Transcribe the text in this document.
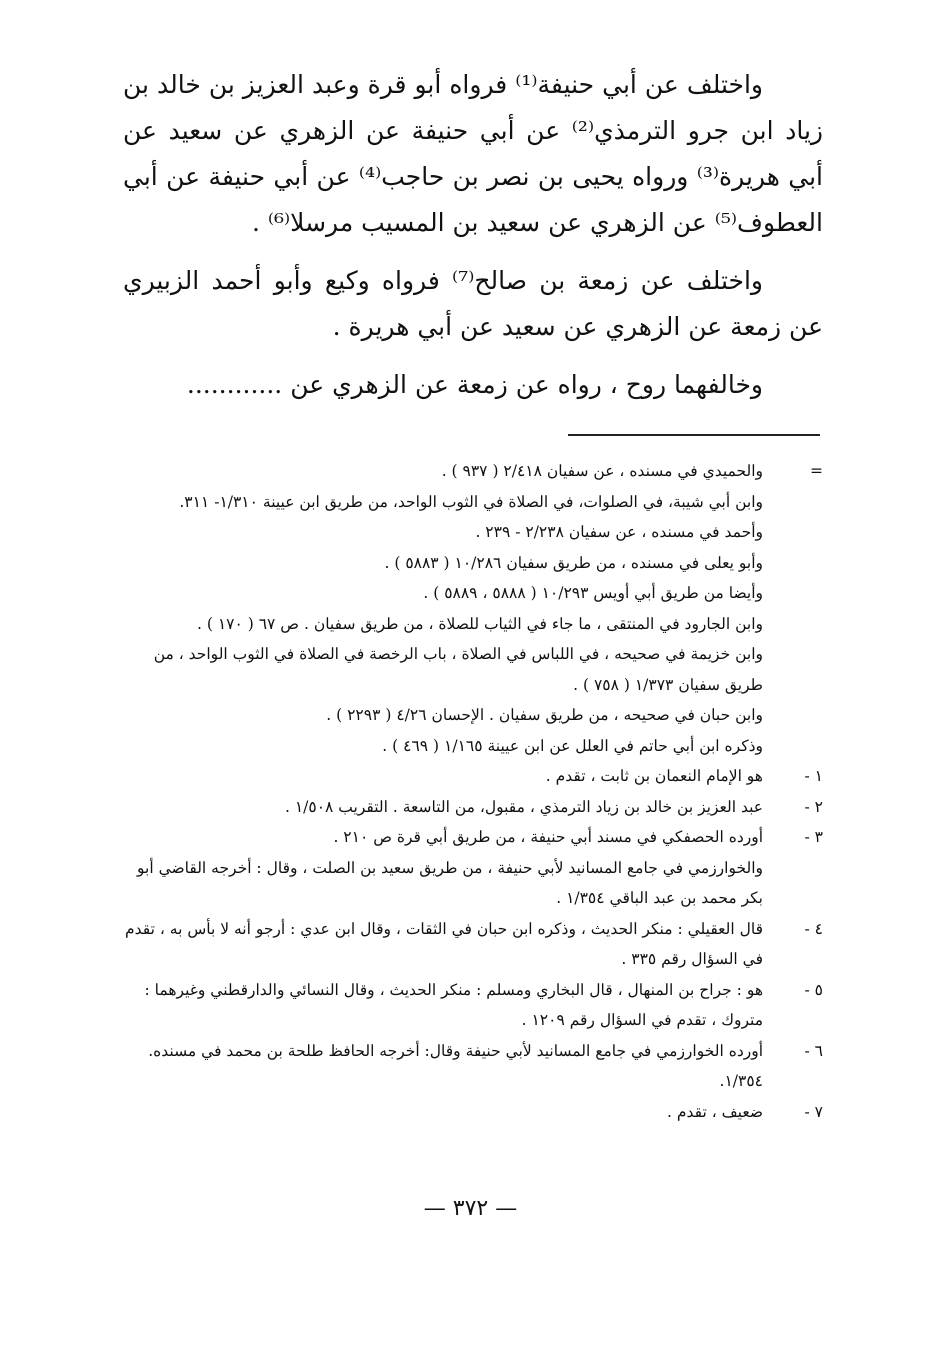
واختلف عن أبي حنيفة⁽¹⁾ فرواه أبو قرة وعبد العزيز بن خالد بن زياد ابن جرو الترمذي⁽²⁾ عن أبي حنيفة عن الزهري عن سعيد عن أبي هريرة⁽³⁾ ورواه يحيى بن نصر بن حاجب⁽⁴⁾ عن أبي حنيفة عن أبي العطوف⁽⁵⁾ عن الزهري عن سعيد بن المسيب مرسلا⁽⁶⁾ .

واختلف عن زمعة بن صالح⁽⁷⁾ فرواه وكيع وأبو أحمد الزبيري عن زمعة عن الزهري عن سعيد عن أبي هريرة .

وخالفهما روح ، رواه عن زمعة عن الزهري عن ............

=
والحميدي في مسنده ، عن سفيان ٢/٤١٨ ( ٩٣٧ ) .
وابن أبي شيبة، في الصلوات، في الصلاة في الثوب الواحد، من طريق ابن عيينة ١/٣١٠- ٣١١.
وأحمد في مسنده ، عن سفيان ٢/٢٣٨ - ٢٣٩ .
وأبو يعلى في مسنده ، من طريق سفيان ١٠/٢٨٦ ( ٥٨٨٣ ) .
وأيضا من طريق أبي أويس ١٠/٢٩٣ ( ٥٨٨٨ ، ٥٨٨٩ ) .
وابن الجارود في المنتقى ، ما جاء في الثياب للصلاة ، من طريق سفيان . ص ٦٧ ( ١٧٠ ) .
وابن خزيمة في صحيحه ، في اللباس في الصلاة ، باب الرخصة في الصلاة في الثوب الواحد ، من طريق سفيان ١/٣٧٣ ( ٧٥٨ ) .
وابن حبان في صحيحه ، من طريق سفيان . الإحسان ٤/٢٦ ( ٢٢٩٣ ) .
وذكره ابن أبي حاتم في العلل عن ابن عيينة ١/١٦٥ ( ٤٦٩ ) .
١ -
هو الإمام النعمان بن ثابت ، تقدم .
٢ -
عبد العزيز بن خالد بن زياد الترمذي ، مقبول، من التاسعة . التقريب ١/٥٠٨ .
٣ -
أورده الحصفكي في مسند أبي حنيفة ، من طريق أبي قرة ص ٢١٠ .
والخوارزمي في جامع المسانيد لأبي حنيفة ، من طريق سعيد بن الصلت ، وقال : أخرجه القاضي أبو بكر محمد بن عبد الباقي ١/٣٥٤ .
٤ -
قال العقيلي : منكر الحديث ، وذكره ابن حبان في الثقات ، وقال ابن عدي : أرجو أنه لا بأس به ، تقدم في السؤال رقم ٣٣٥ .
٥ -
هو : جراح بن المنهال ، قال البخاري ومسلم : منكر الحديث ، وقال النسائي والدارقطني وغيرهما : متروك ، تقدم في السؤال رقم ١٢٠٩ .
٦ -
أورده الخوارزمي في جامع المسانيد لأبي حنيفة وقال: أخرجه الحافظ طلحة بن محمد في مسنده. ١/٣٥٤.
٧ -
ضعيف ، تقدم .
— ٣٧٢ —
